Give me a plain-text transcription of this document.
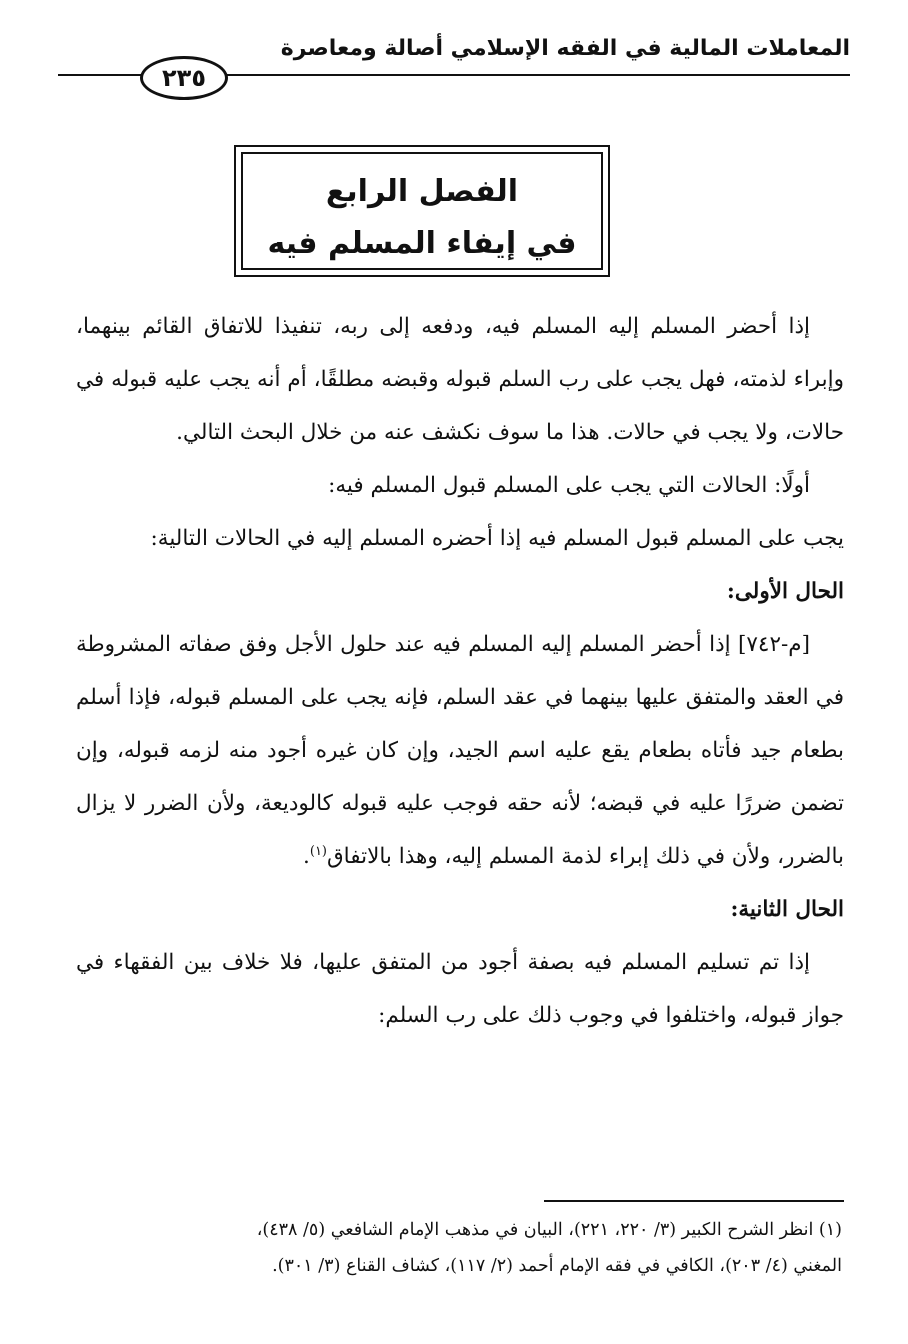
المعاملات المالية في الفقه الإسلامي أصالة ومعاصرة
٢٣٥
الفصل الرابع
في إيفاء المسلم فيه

إذا أحضر المسلم إليه المسلم فيه، ودفعه إلى ربه، تنفيذا للاتفاق القائم بينهما، وإبراء لذمته، فهل يجب على رب السلم قبوله وقبضه مطلقًا، أم أنه يجب عليه قبوله في حالات، ولا يجب في حالات. هذا ما سوف نكشف عنه من خلال البحث التالي.

أولًا: الحالات التي يجب على المسلم قبول المسلم فيه:

يجب على المسلم قبول المسلم فيه إذا أحضره المسلم إليه في الحالات التالية:

الحال الأولى:

[م-٧٤٢] إذا أحضر المسلم إليه المسلم فيه عند حلول الأجل وفق صفاته المشروطة في العقد والمتفق عليها بينهما في عقد السلم، فإنه يجب على المسلم قبوله، فإذا أسلم بطعام جيد فأتاه بطعام يقع عليه اسم الجيد، وإن كان غيره أجود منه لزمه قبوله، وإن تضمن ضررًا عليه في قبضه؛ لأنه حقه فوجب عليه قبوله كالوديعة، ولأن الضرر لا يزال بالضرر، ولأن في ذلك إبراء لذمة المسلم إليه، وهذا بالاتفاق$^{(١)}$.

الحال الثانية:

إذا تم تسليم المسلم فيه بصفة أجود من المتفق عليها، فلا خلاف بين الفقهاء في جواز قبوله، واختلفوا في وجوب ذلك على رب السلم:

(١) انظر الشرح الكبير (٣/ ٢٢٠، ٢٢١)، البيان في مذهب الإمام الشافعي (٥/ ٤٣٨)،

المغني (٤/ ٢٠٣)، الكافي في فقه الإمام أحمد (٢/ ١١٧)، كشاف القناع (٣/ ٣٠١).
